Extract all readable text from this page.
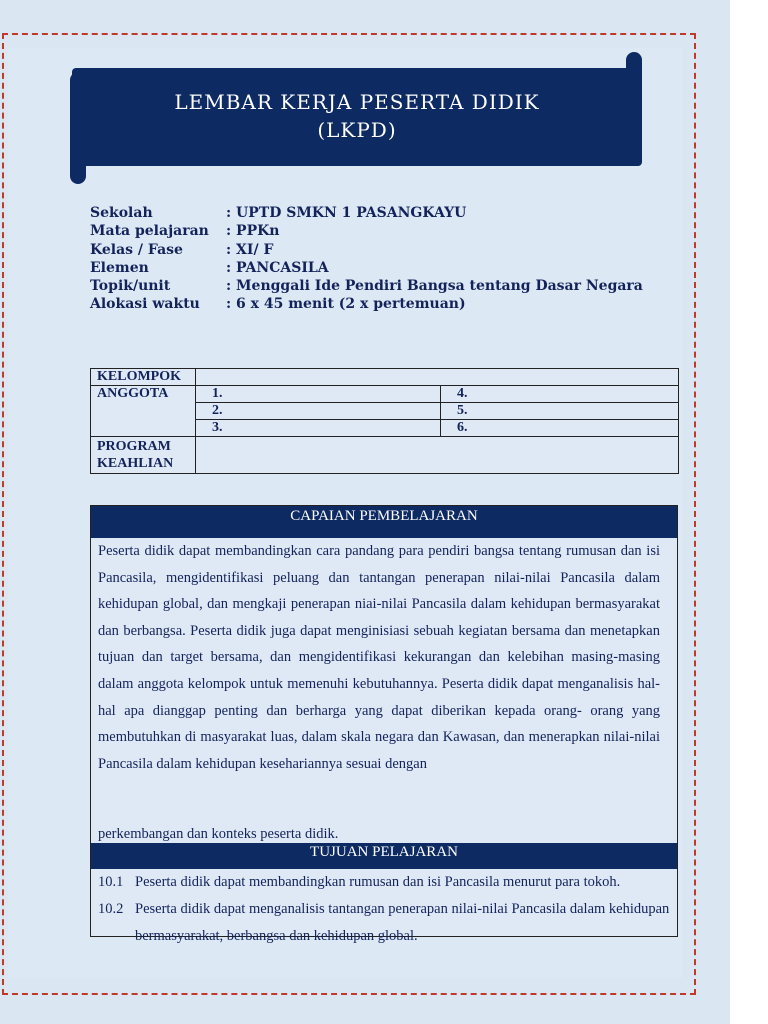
LEMBAR KERJA PESERTA DIDIK
(LKPD)
Sekolah	: UPTD SMKN 1 PASANGKAYU
Mata pelajaran	: PPKn
Kelas / Fase	: XI/ F
Elemen	: PANCASILA
Topik/unit	: Menggali Ide Pendiri Bangsa tentang Dasar Negara
Alokasi waktu	: 6 x 45 menit (2 x pertemuan)
KELOMPOK		
ANGGOTA	1.	4.
	2.	5.
	3.	6.

PROGRAM
KEAHLIAN		

CAPAIAN PEMBELAJARAN
Peserta didik dapat membandingkan cara pandang para pendiri bangsa tentang rumusan dan isi Pancasila, mengidentifikasi peluang dan tantangan penerapan nilai-nilai Pancasila dalam kehidupan global, dan mengkaji penerapan niai-nilai Pancasila dalam kehidupan bermasyarakat dan berbangsa. Peserta didik juga dapat menginisiasi sebuah kegiatan bersama dan menetapkan tujuan dan target bersama, dan mengidentifikasi kekurangan dan kelebihan masing-masing dalam anggota kelompok untuk memenuhi kebutuhannya. Peserta didik dapat menganalisis hal-hal apa dianggap penting dan berharga yang dapat diberikan kepada orang- orang yang membutuhkan di masyarakat luas, dalam skala negara dan Kawasan, dan menerapkan nilai-nilai Pancasila dalam kehidupan kesehariannya sesuai dengan
perkembangan dan konteks peserta didik.
TUJUAN PELAJARAN
10.1 Peserta didik dapat membandingkan rumusan dan isi Pancasila menurut para tokoh.
10.2 Peserta didik dapat menganalisis tantangan penerapan nilai-nilai Pancasila dalam kehidupan bermasyarakat, berbangsa dan kehidupan global.
